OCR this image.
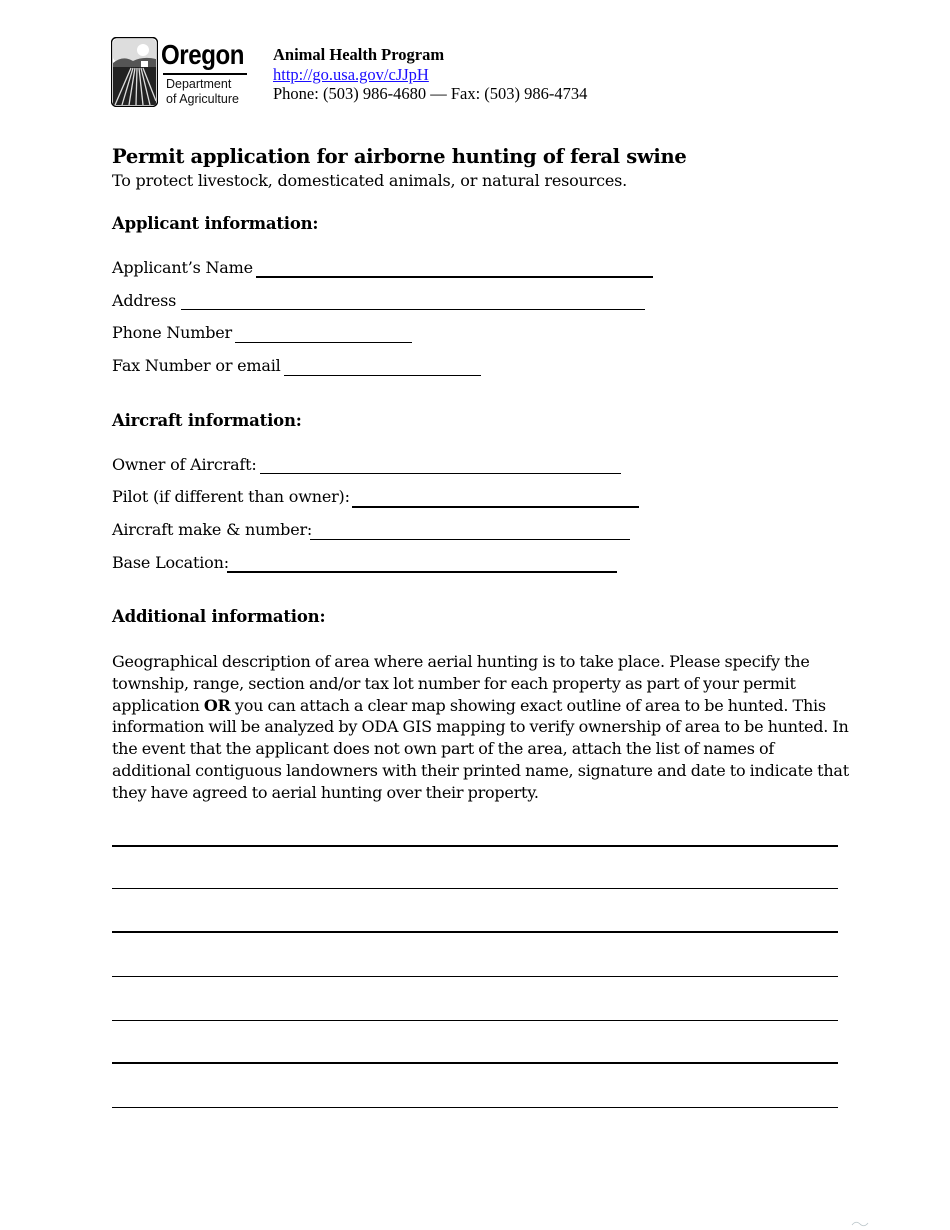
Oregon
Department
of Agriculture
Animal Health Program
http://go.usa.gov/cJJpH
Phone: (503) 986-4680 — Fax: (503) 986-4734
Permit application for airborne hunting of feral swine
To protect livestock, domesticated animals, or natural resources.
Applicant information:
Applicant’s Name
Address
Phone Number
Fax Number or email
Aircraft information:
Owner of Aircraft:
Pilot (if different than owner):
Aircraft make & number:
Base Location:
Additional information:
Geographical description of area where aerial hunting is to take place. Please specify the township, range, section and/or tax lot number for each property as part of your permit application OR you can attach a clear map showing exact outline of area to be hunted. This information will be analyzed by ODA GIS mapping to verify ownership of area to be hunted. In the event that the applicant does not own part of the area, attach the list of names of additional contiguous landowners with their printed name, signature and date to indicate that they have agreed to aerial hunting over their property.
